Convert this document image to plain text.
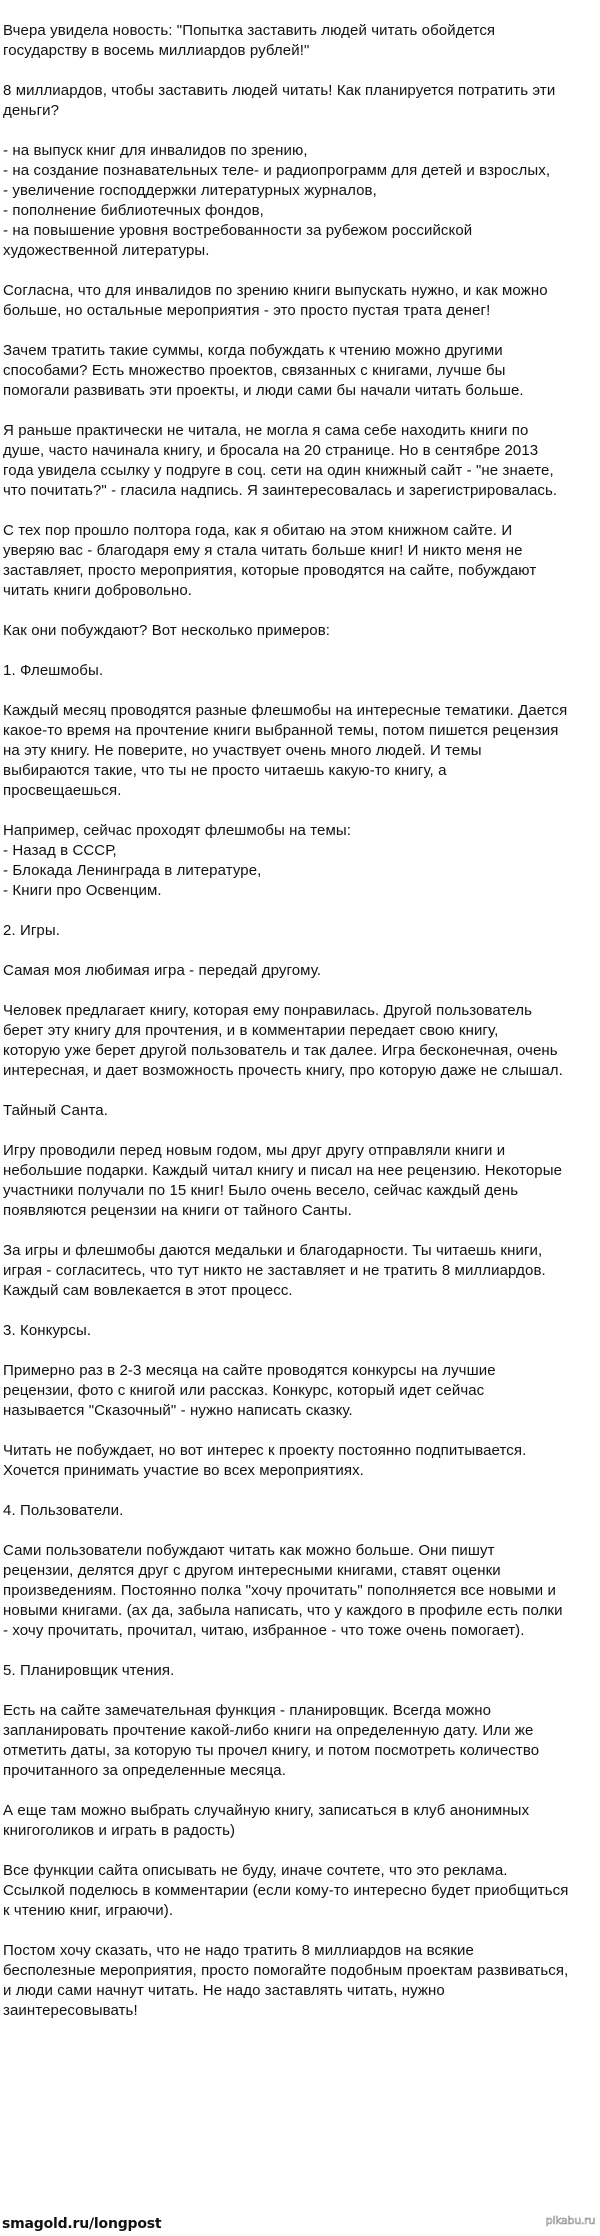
Вчера увидела новость: "Попытка заставить людей читать обойдется
государству в восемь миллиардов рублей!"
8 миллиардов, чтобы заставить людей читать! Как планируется потратить эти
деньги?
- на выпуск книг для инвалидов по зрению,
- на создание познавательных теле- и радиопрограмм для детей и взрослых,
- увеличение господдержки литературных журналов,
- пополнение библиотечных фондов,
- на повышение уровня востребованности за рубежом российской
художественной литературы.
Согласна, что для инвалидов по зрению книги выпускать нужно, и как можно
больше, но остальные мероприятия - это просто пустая трата денег!
Зачем тратить такие суммы, когда побуждать к чтению можно другими
способами? Есть множество проектов, связанных с книгами, лучше бы
помогали развивать эти проекты, и люди сами бы начали читать больше.
Я раньше практически не читала, не могла я сама себе находить книги по
душе, часто начинала книгу, и бросала на 20 странице. Но в сентябре 2013
года увидела ссылку у подруге в соц. сети на один книжный сайт - "не знаете,
что почитать?" - гласила надпись. Я заинтересовалась и зарегистрировалась.
С тех пор прошло полтора года, как я обитаю на этом книжном сайте. И
уверяю вас - благодаря ему я стала читать больше книг! И никто меня не
заставляет, просто мероприятия, которые проводятся на сайте, побуждают
читать книги добровольно.
Как они побуждают? Вот несколько примеров:
1. Флешмобы.
Каждый месяц проводятся разные флешмобы на интересные тематики. Дается
какое-то время на прочтение книги выбранной темы, потом пишется рецензия
на эту книгу. Не поверите, но участвует очень много людей. И темы
выбираются такие, что ты не просто читаешь какую-то книгу, а
просвещаешься.
Например, сейчас проходят флешмобы на темы:
- Назад в СССР,
- Блокада Ленинграда в литературе,
- Книги про Освенцим.
2. Игры.
Самая моя любимая игра - передай другому.
Человек предлагает книгу, которая ему понравилась. Другой пользователь
берет эту книгу для прочтения, и в комментарии передает свою книгу,
которую уже берет другой пользователь и так далее. Игра бесконечная, очень
интересная, и дает возможность прочесть книгу, про которую даже не слышал.
Тайный Санта.
Игру проводили перед новым годом, мы друг другу отправляли книги и
небольшие подарки. Каждый читал книгу и писал на нее рецензию. Некоторые
участники получали по 15 книг! Было очень весело, сейчас каждый день
появляются рецензии на книги от тайного Санты.
За игры и флешмобы даются медальки и благодарности. Ты читаешь книги,
играя - согласитесь, что тут никто не заставляет и не тратить 8 миллиардов.
Каждый сам вовлекается в этот процесс.
3. Конкурсы.
Примерно раз в 2-3 месяца на сайте проводятся конкурсы на лучшие
рецензии, фото с книгой или рассказ. Конкурс, который идет сейчас
называется "Сказочный" - нужно написать сказку.
Читать не побуждает, но вот интерес к проекту постоянно подпитывается.
Хочется принимать участие во всех мероприятиях.
4. Пользователи.
Сами пользователи побуждают читать как можно больше. Они пишут
рецензии, делятся друг с другом интересными книгами, ставят оценки
произведениям. Постоянно полка "хочу прочитать" пополняется все новыми и
новыми книгами. (ах да, забыла написать, что у каждого в профиле есть полки
- хочу прочитать, прочитал, читаю, избранное - что тоже очень помогает).
5. Планировщик чтения.
Есть на сайте замечательная функция - планировщик. Всегда можно
запланировать прочтение какой-либо книги на определенную дату. Или же
отметить даты, за которую ты прочел книгу, и потом посмотреть количество
прочитанного за определенные месяца.
А еще там можно выбрать случайную книгу, записаться в клуб анонимных
книгоголиков и играть в радость)
Все функции сайта описывать не буду, иначе сочтете, что это реклама.
Ссылкой поделюсь в комментарии (если кому-то интересно будет приобщиться
к чтению книг, играючи).
Постом хочу сказать, что не надо тратить 8 миллиардов на всякие
бесполезные мероприятия, просто помогайте подобным проектам развиваться,
и люди сами начнут читать. Не надо заставлять читать, нужно
заинтересовывать!
smagold.ru/longpost	pikabu.ru
